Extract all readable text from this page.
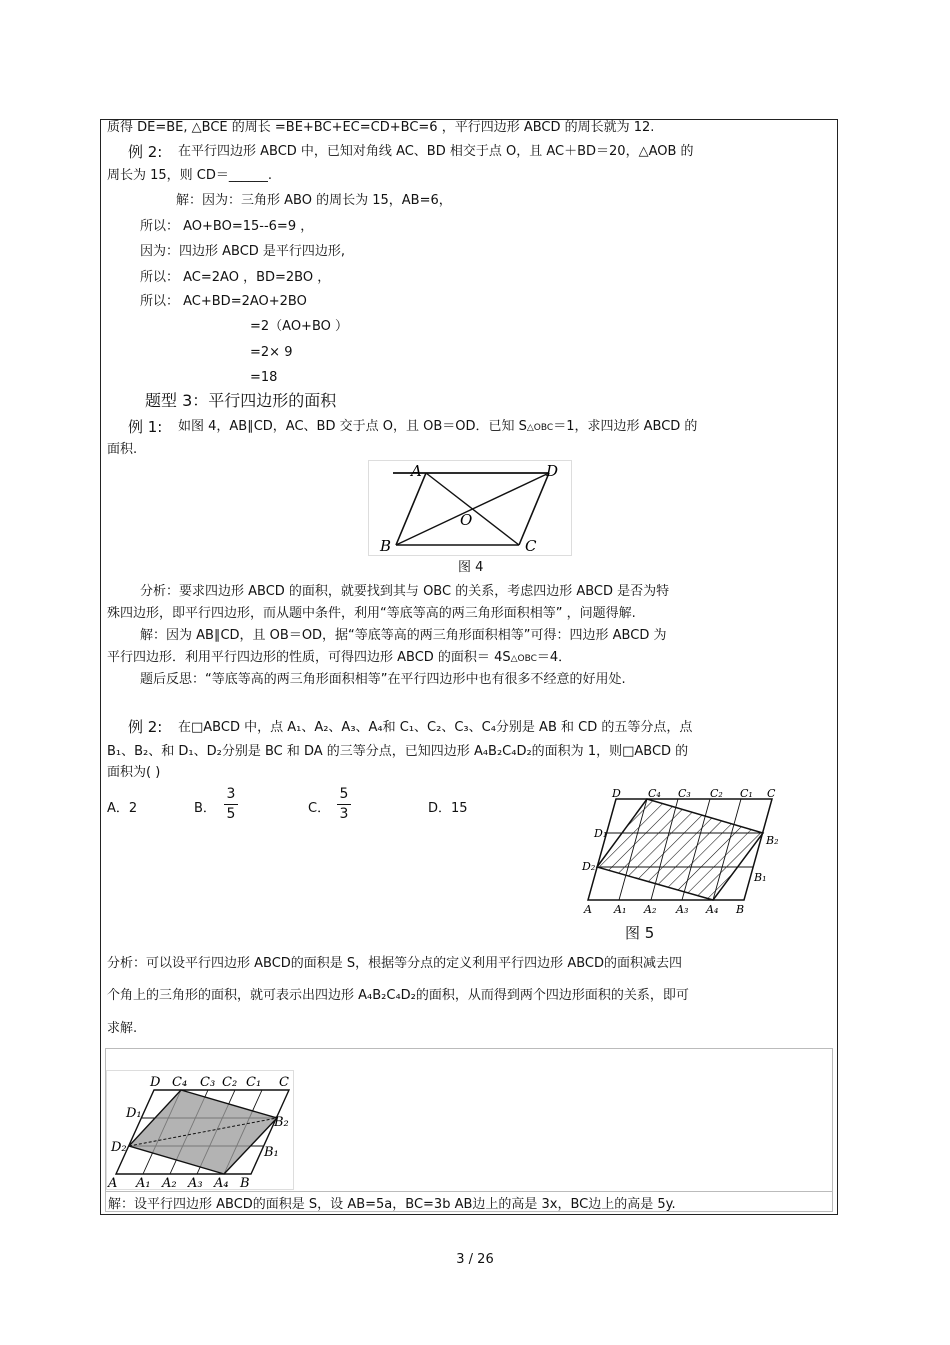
质得 DE=BE, △BCE 的周长 =BE+BC+EC=CD+BC=6 ，平行四边形 ABCD 的周长就为 12.
例 2: 在平行四边形 ABCD 中，已知对角线 AC、BD 相交于点 O，且 AC＋BD＝20，△AOB 的
周长为 15，则 CD＝______.
解：因为：三角形 ABO 的周长为 15，AB=6，
所以： AO+BO=15--6=9 ，
因为：四边形 ABCD 是平行四边形,
所以： AC=2AO ，BD=2BO ，
所以： AC+BD=2AO+2BO
=2（AO+BO ）
=2× 9
=18
题型 3：平行四边形的面积
例 1: 如图 4，AB∥CD，AC、BD 交于点 O，且 OB＝OD．已知 S△OBC＝1，求四边形 ABCD 的
面积.
A	D
B	C
O
图 4
分析：要求四边形 ABCD 的面积，就要找到其与 OBC 的关系，考虑四边形 ABCD 是否为特
殊四边形，即平行四边形，而从题中条件，利用“等底等高的两三角形面积相等” ，问题得解.
解：因为 AB∥CD，且 OB＝OD，据“等底等高的两三角形面积相等”可得：四边形 ABCD 为
平行四边形．利用平行四边形的性质，可得四边形 ABCD 的面积＝ 4S△OBC＝4．
题后反思：“等底等高的两三角形面积相等”在平行四边形中也有很多不经意的好用处.
例 2: 在□ABCD 中，点 A₁、A₂、A₃、A₄和 C₁、C₂、C₃、C₄分别是 AB 和 CD 的五等分点，点
B₁、B₂、和 D₁、D₂分别是 BC 和 DA 的三等分点，已知四边形 A₄B₂C₄D₂的面积为 1，则□ABCD 的
面积为( )
A．2	B．
3
5	C．
5
3	D．15
D C₄ C₃ C₂ C₁ C
D₁
D₂
B₂
B₁
A A₁ A₂ A₃ A₄ B
图 5
分析：可以设平行四边形 ABCD的面积是 S，根据等分点的定义利用平行四边形 ABCD的面积减去四
个角上的三角形的面积，就可表示出四边形 A₄B₂C₄D₂的面积，从而得到两个四边形面积的关系，即可
求解.
D C₄ C₃ C₂ C₁ C
D₁
D₂
B₂
B₁
A A₁ A₂ A₃ A₄ B
解：设平行四边形 ABCD的面积是 S，设 AB=5a，BC=3b AB边上的高是 3x，BC边上的高是 5y.
3 / 26
